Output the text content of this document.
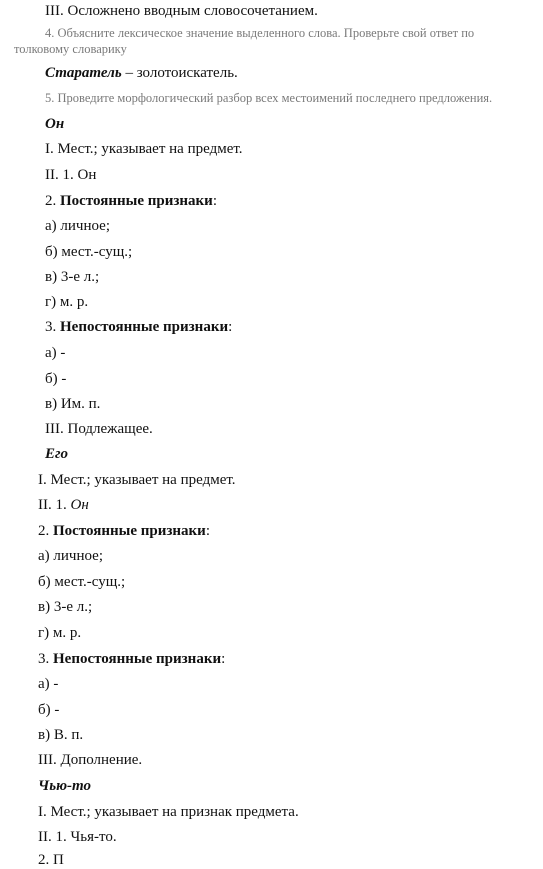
III. Осложнено вводным словосочетанием.
4. Объясните лексическое значение выделенного слова. Проверьте свой ответ по
толковому словарику
Старатель – золотоискатель.
5. Проведите морфологический разбор всех местоимений последнего предложения.
Он
I. Мест.; указывает на предмет.
II. 1. Он
2. Постоянные признаки:
а) личное;
б) мест.-сущ.;
в) 3-е л.;
г) м. р.
3. Непостоянные признаки:
а) -
б) -
в) Им. п.
III. Подлежащее.
Его
I. Мест.; указывает на предмет.
II. 1. Он
2. Постоянные признаки:
а) личное;
б) мест.-сущ.;
в) 3-е л.;
г) м. р.
3. Непостоянные признаки:
а) -
б) -
в) В. п.
III. Дополнение.
Чью-то
I. Мест.; указывает на признак предмета.
II. 1. Чья-то.
2. П
